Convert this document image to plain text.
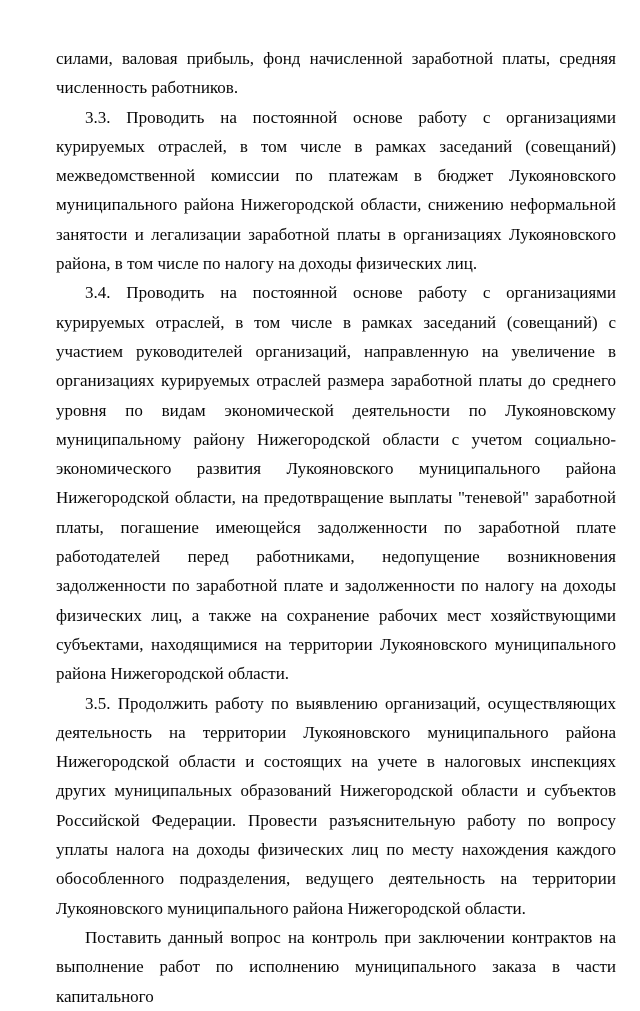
силами, валовая прибыль, фонд начисленной заработной платы, средняя численность работников.

3.3. Проводить на постоянной основе работу с организациями курируемых отраслей, в том числе в рамках заседаний (совещаний) межведомственной комиссии по платежам в бюджет Лукояновского муниципального района Нижегородской области, снижению неформальной занятости и легализации заработной платы в организациях Лукояновского района, в том числе по налогу на доходы физических лиц.

3.4. Проводить на постоянной основе работу с организациями курируемых отраслей, в том числе в рамках заседаний (совещаний) с участием руководителей организаций, направленную на увеличение в организациях курируемых отраслей размера заработной платы до среднего уровня по видам экономической деятельности по Лукояновскому муниципальному району Нижегородской области с учетом социально-экономического развития Лукояновского муниципального района Нижегородской области, на предотвращение выплаты "теневой" заработной платы, погашение имеющейся задолженности по заработной плате работодателей перед работниками, недопущение возникновения задолженности по заработной плате и задолженности по налогу на доходы физических лиц, а также на сохранение рабочих мест хозяйствующими субъектами, находящимися на территории Лукояновского муниципального района Нижегородской области.

3.5. Продолжить работу по выявлению организаций, осуществляющих деятельность на территории Лукояновского муниципального района Нижегородской области и состоящих на учете в налоговых инспекциях других муниципальных образований Нижегородской области и субъектов Российской Федерации. Провести разъяснительную работу по вопросу уплаты налога на доходы физических лиц по месту нахождения каждого обособленного подразделения, ведущего деятельность на территории Лукояновского муниципального района Нижегородской области.

Поставить данный вопрос на контроль при заключении контрактов на выполнение работ по исполнению муниципального заказа в части капитального
